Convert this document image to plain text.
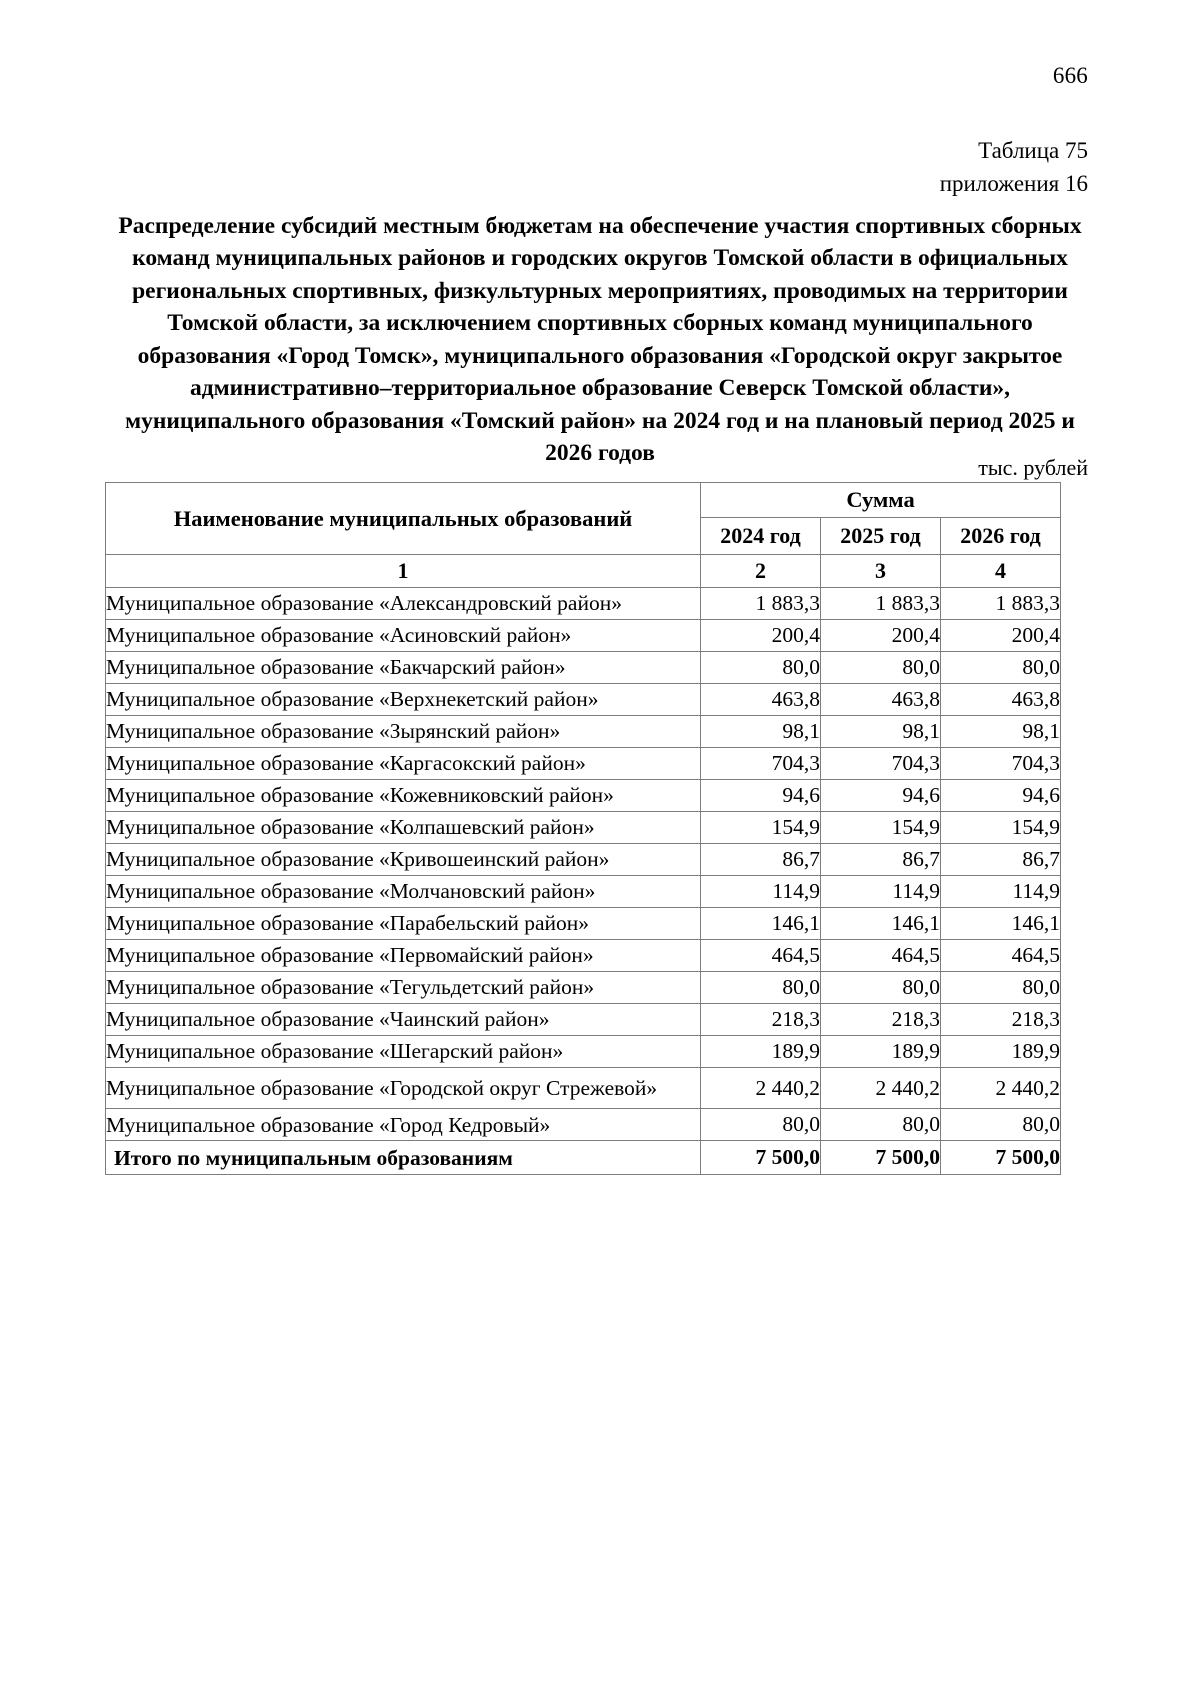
666
Таблица 75
приложения 16
Распределение субсидий местным бюджетам на обеспечение участия спортивных сборных команд муниципальных районов и городских округов Томской области в официальных региональных спортивных, физкультурных мероприятиях, проводимых на территории Томской области, за исключением спортивных сборных команд муниципального образования «Город Томск», муниципального образования «Городской округ закрытое административно–территориальное образование Северск Томской области», муниципального образования «Томский район» на 2024 год и на плановый период 2025 и 2026 годов
тыс. рублей
Наименование муниципальных образований	Сумма		
	2024 год	2025 год	2026 год
1	2	3	4
Муниципальное образование «Александровский район»	1 883,3	1 883,3	1 883,3
Муниципальное образование «Асиновский район»	200,4	200,4	200,4
Муниципальное образование «Бакчарский район»	80,0	80,0	80,0
Муниципальное образование «Верхнекетский район»	463,8	463,8	463,8
Муниципальное образование «Зырянский район»	98,1	98,1	98,1
Муниципальное образование «Каргасокский район»	704,3	704,3	704,3
Муниципальное образование «Кожевниковский район»	94,6	94,6	94,6
Муниципальное образование «Колпашевский район»	154,9	154,9	154,9
Муниципальное образование «Кривошеинский район»	86,7	86,7	86,7
Муниципальное образование «Молчановский район»	114,9	114,9	114,9
Муниципальное образование «Парабельский район»	146,1	146,1	146,1
Муниципальное образование «Первомайский район»	464,5	464,5	464,5
Муниципальное образование «Тегульдетский район»	80,0	80,0	80,0
Муниципальное образование «Чаинский район»	218,3	218,3	218,3
Муниципальное образование «Шегарский район»	189,9	189,9	189,9
Муниципальное образование «Городской округ Стрежевой»	2 440,2	2 440,2	2 440,2
Муниципальное образование «Город Кедровый»	80,0	80,0	80,0
Итого по муниципальным образованиям	7 500,0	7 500,0	7 500,0
